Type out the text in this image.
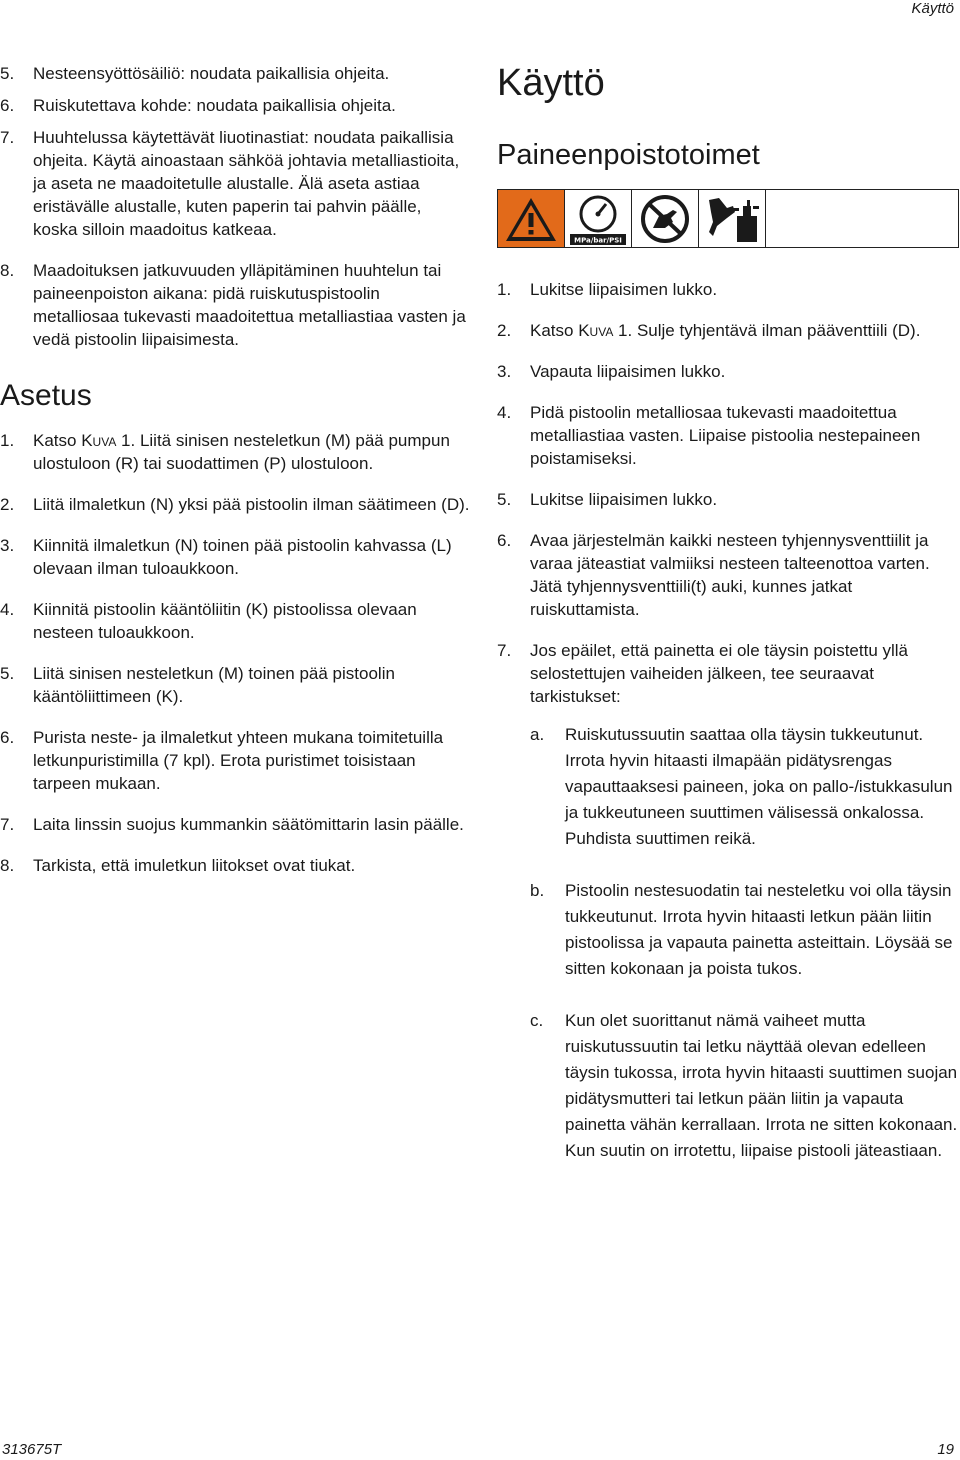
Käyttö
5. Nesteensyöttösäiliö: noudata paikallisia ohjeita.
6. Ruiskutettava kohde: noudata paikallisia ohjeita.
7. Huuhtelussa käytettävät liuotinastiat: noudata paikallisia ohjeita. Käytä ainoastaan sähköä johtavia metalliastioita, ja aseta ne maadoitetulle alustalle. Älä aseta astiaa eristävälle alustalle, kuten paperin tai pahvin päälle, koska silloin maadoitus katkeaa.
8. Maadoituksen jatkuvuuden ylläpitäminen huuhtelun tai paineenpoiston aikana: pidä ruiskutuspistoolin metalliosaa tukevasti maadoitettua metalliastiaa vasten ja vedä pistoolin liipaisimesta.
Asetus
1. Katso Kuva 1. Liitä sinisen nesteletkun (M) pää pumpun ulostuloon (R) tai suodattimen (P) ulostuloon.
2. Liitä ilmaletkun (N) yksi pää pistoolin ilman säätimeen (D).
3. Kiinnitä ilmaletkun (N) toinen pää pistoolin kahvassa (L) olevaan ilman tuloaukkoon.
4. Kiinnitä pistoolin kääntöliitin (K) pistoolissa olevaan nesteen tuloaukkoon.
5. Liitä sinisen nesteletkun (M) toinen pää pistoolin kääntöliittimeen (K).
6. Purista neste- ja ilmaletkut yhteen mukana toimitetuilla letkunpuristimilla (7 kpl). Erota puristimet toisistaan tarpeen mukaan.
7. Laita linssin suojus kummankin säätömittarin lasin päälle.
8. Tarkista, että imuletkun liitokset ovat tiukat.
Käyttö
Paineenpoistotoimet
MPa/bar/PSI
1. Lukitse liipaisimen lukko.
2. Katso Kuva 1. Sulje tyhjentävä ilman pääventtiili (D).
3. Vapauta liipaisimen lukko.
4. Pidä pistoolin metalliosaa tukevasti maadoitettua metalliastiaa vasten. Liipaise pistoolia nestepaineen poistamiseksi.
5. Lukitse liipaisimen lukko.
6. Avaa järjestelmän kaikki nesteen tyhjennysventtiilit ja varaa jäteastiat valmiiksi nesteen talteenottoa varten. Jätä tyhjennysventtiili(t) auki, kunnes jatkat ruiskuttamista.
7. Jos epäilet, että painetta ei ole täysin poistettu yllä selostettujen vaiheiden jälkeen, tee seuraavat tarkistukset:
a. Ruiskutussuutin saattaa olla täysin tukkeutunut. Irrota hyvin hitaasti ilmapään pidätysrengas vapauttaaksesi paineen, joka on pallo-/istukkasulun ja tukkeutuneen suuttimen välisessä onkalossa. Puhdista suuttimen reikä.
b. Pistoolin nestesuodatin tai nesteletku voi olla täysin tukkeutunut. Irrota hyvin hitaasti letkun pään liitin pistoolissa ja vapauta painetta asteittain. Löysää se sitten kokonaan ja poista tukos.
c. Kun olet suorittanut nämä vaiheet mutta ruiskutussuutin tai letku näyttää olevan edelleen täysin tukossa, irrota hyvin hitaasti suuttimen suojan pidätysmutteri tai letkun pään liitin ja vapauta painetta vähän kerrallaan. Irrota ne sitten kokonaan. Kun suutin on irrotettu, liipaise pistooli jäteastiaan.
313675T	19
